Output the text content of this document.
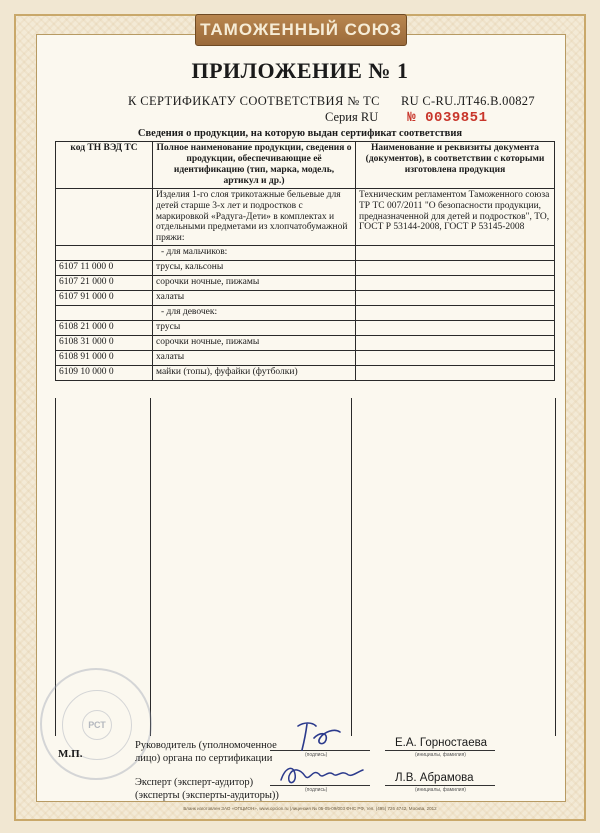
ТАМОЖЕННЫЙ СОЮЗ
ПРИЛОЖЕНИЕ № 1
К СЕРТИФИКАТУ СООТВЕТСТВИЯ № ТС RU C-RU.ЛТ46.В.00827
Серия RU № 0039851
Сведения о продукции, на которую выдан сертификат соответствия
код ТН ВЭД ТС	Полное наименование продукции, сведения о продукции, обеспечивающие её идентификацию (тип, марка, модель, артикул и др.)	Наименование и реквизиты документа (документов), в соответствии с которыми изготовлена продукция
	Изделия 1-го слоя трикотажные бельевые для детей старше 3-х лет и подростков с маркировкой «Радуга-Дети» в комплектах и отдельными предметами из хлопчатобумажной пряжи:	Техническим регламентом Таможенного союза ТР ТС 007/2011 "О безопасности продукции, предназначенной для детей и подростков", ТО, ГОСТ Р 53144-2008, ГОСТ Р 53145-2008
	- для мальчиков:	
6107 11 000 0	трусы, кальсоны	
6107 21 000 0	сорочки ночные, пижамы	
6107 91 000 0	халаты	
	- для девочек:	
6108 21 000 0	трусы	
6108 31 000 0	сорочки ночные, пижамы	
6108 91 000 0	халаты	
6109 10 000 0	майки (топы), фуфайки (футболки)	
РСТ
М.П.
Руководитель (уполномоченное
лицо) органа по сертификации
Эксперт (эксперт-аудитор)
(эксперты (эксперты-аудиторы))
(подпись)	(инициалы, фамилия)
(подпись)	(инициалы, фамилия)
Е.А. Горностаева
Л.В. Абрамова
Бланк изготовлен ЗАО «ОПЦИОН», www.opcion.ru (лицензия № 05-05-09/003 ФНС РФ, тел. (495) 726 4742, Москва, 2012
